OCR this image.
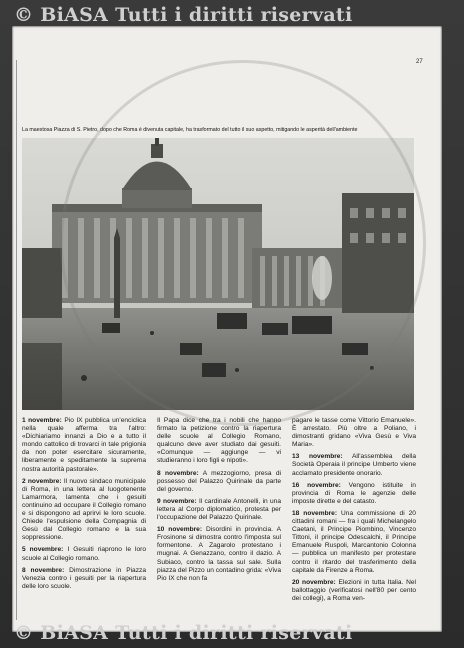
© BiASA Tutti i diritti riservati
27
La maestosa Piazza di S. Pietro, dopo che Roma è divenuta capitale, ha trasformato del tutto il suo aspetto, mitigando le asperità dell'ambiente

1 novembre: Pio IX pubblica un'enciclica nella quale afferma tra l'altro: «Dichiariamo innanzi a Dio e a tutto il mondo cattolico di trovarci in tale prigionia da non poter esercitare sicuramente, liberamente e speditamente la suprema nostra autorità pastorale».

2 novembre: Il nuovo sindaco municipale di Roma, in una lettera al luogotenente Lamarmora, lamenta che i gesuiti continuino ad occupare il Collegio romano e si dispongono ad aprirvi le loro scuole. Chiede l'espulsione della Compagnia di Gesù dal Collegio romano e la sua soppressione.

5 novembre: I Gesuiti riaprono le loro scuole al Collegio romano.

8 novembre: Dimostrazione in Piazza Venezia contro i gesuiti per la riapertura delle loro scuole.

Il Papa dice che tra i nobili che hanno firmato la petizione contro la riapertura delle scuole al Collegio Romano, qualcuno deve aver studiato dai gesuiti. «Comunque — aggiunge — vi studieranno i loro figli e nipoti».

8 novembre: A mezzogiorno, presa di possesso del Palazzo Quirinale da parte del governo.

9 novembre: Il cardinale Antonelli, in una lettera al Corpo diplomatico, protesta per l'occupazione del Palazzo Quirinale.

10 novembre: Disordini in provincia. A Frosinone si dimostra contro l'imposta sul formentone. A Zagarolo protestano i mugnai. A Genazzano, contro il dazio. A Subiaco, contro la tassa sul sale. Sulla piazza del Pizzo un contadino grida: «Viva Pio IX che non fa

pagare le tasse come Vittorio Emanuele». È arrestato. Più oltre a Poliano, i dimostranti gridano «Viva Gesù e Viva Maria».

13 novembre: All'assemblea della Società Operaia il principe Umberto viene acclamato presidente onorario.

16 novembre: Vengono istituite in provincia di Roma le agenzie delle imposte dirette e del catasto.

18 novembre: Una commissione di 20 cittadini romani — fra i quali Michelangelo Caetani, il Principe Piombino, Vincenzo Tittoni, il principe Odescalchi, il Principe Emanuele Ruspoli, Marcantonio Colonna — pubblica un manifesto per protestare contro il ritardo del trasferimento della capitale da Firenze a Roma.

20 novembre: Elezioni in tutta Italia. Nel ballottaggio (verificatosi nell'80 per cento dei collegi), a Roma ven-

© BiASA Tutti i diritti riservati
